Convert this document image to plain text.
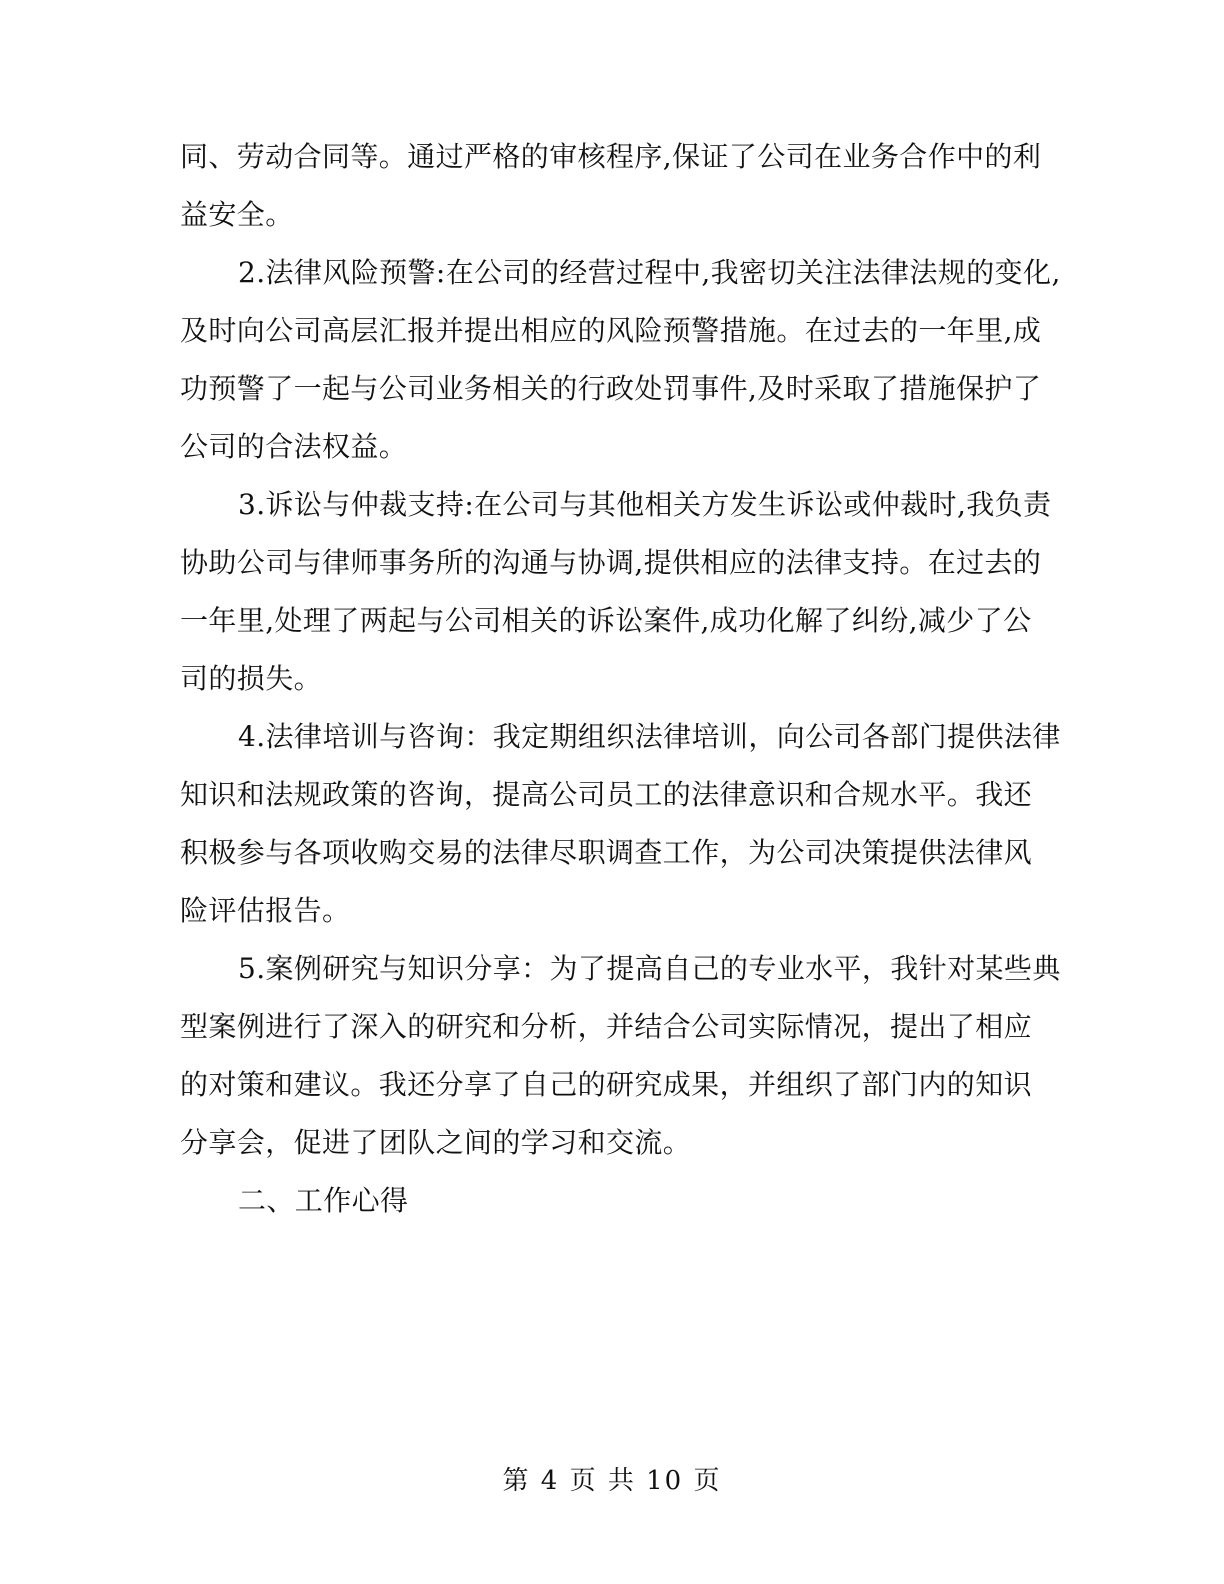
同、劳动合同等。通过严格的审核程序,保证了公司在业务合作中的利
益安全。
2.法律风险预警:在公司的经营过程中,我密切关注法律法规的变化,
及时向公司高层汇报并提出相应的风险预警措施。在过去的一年里,成
功预警了一起与公司业务相关的行政处罚事件,及时采取了措施保护了
公司的合法权益。
3.诉讼与仲裁支持:在公司与其他相关方发生诉讼或仲裁时,我负责
协助公司与律师事务所的沟通与协调,提供相应的法律支持。在过去的
一年里,处理了两起与公司相关的诉讼案件,成功化解了纠纷,减少了公
司的损失。
4.法律培训与咨询：我定期组织法律培训，向公司各部门提供法律
知识和法规政策的咨询，提高公司员工的法律意识和合规水平。我还
积极参与各项收购交易的法律尽职调查工作，为公司决策提供法律风
险评估报告。
5.案例研究与知识分享：为了提高自己的专业水平，我针对某些典
型案例进行了深入的研究和分析，并结合公司实际情况，提出了相应
的对策和建议。我还分享了自己的研究成果，并组织了部门内的知识
分享会，促进了团队之间的学习和交流。
二、工作心得
第 4 页 共 10 页
